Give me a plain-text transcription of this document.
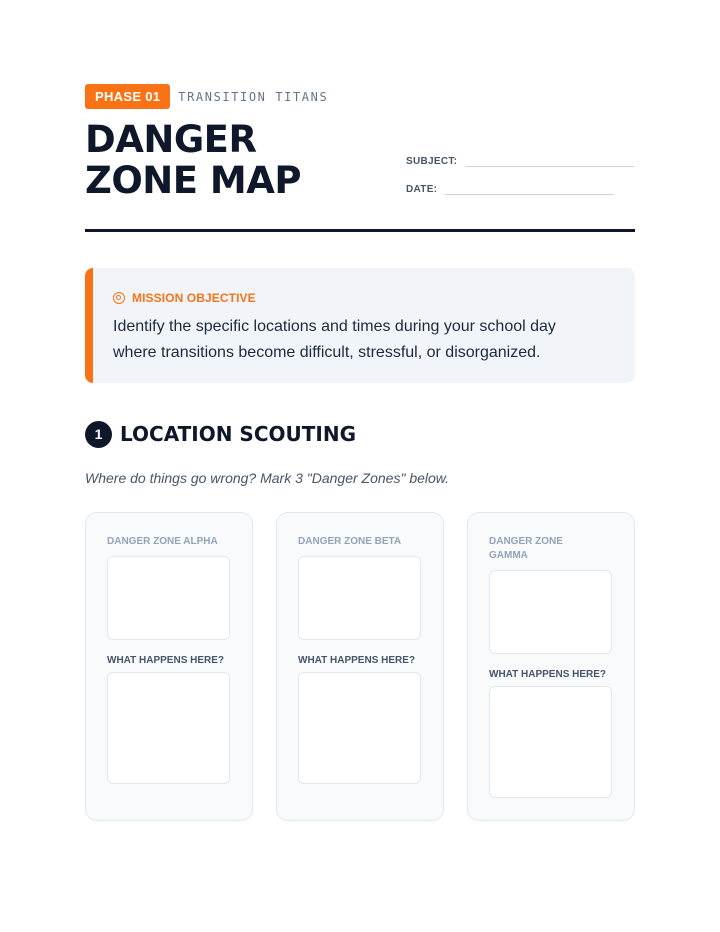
PHASE 01	TRANSITION TITANS
DANGER
ZONE MAP	SUBJECT:
DATE:
MISSION OBJECTIVE
Identify the specific locations and times during your school day
where transitions become difficult, stressful, or disorganized.
1 LOCATION SCOUTING
Where do things go wrong? Mark 3 "Danger Zones" below.
DANGER ZONE ALPHA
WHAT HAPPENS HERE?
DANGER ZONE BETA
WHAT HAPPENS HERE?
DANGER ZONE
GAMMA
WHAT HAPPENS HERE?
